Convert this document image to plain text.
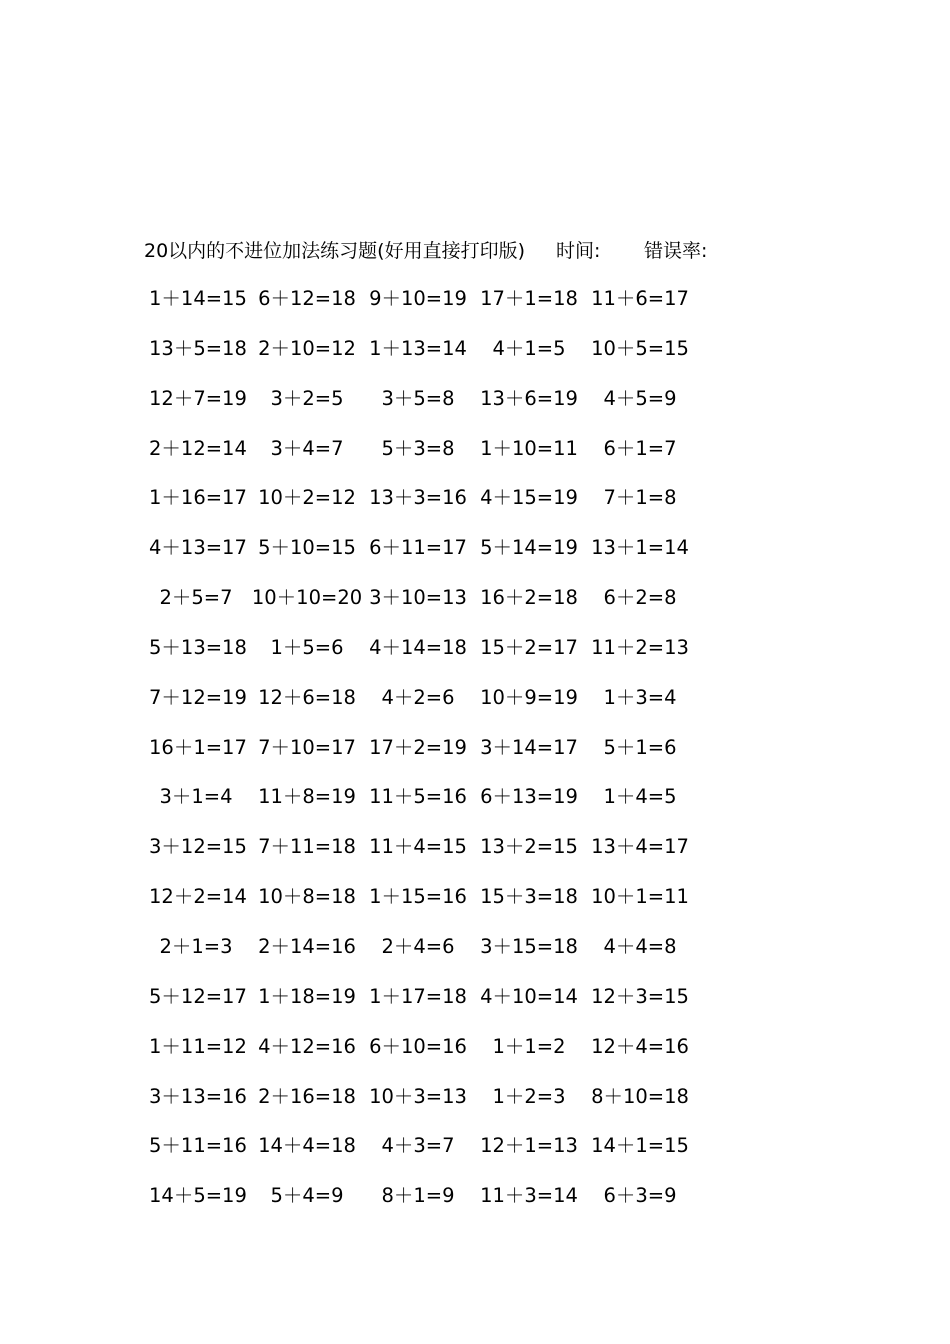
20以内的不进位加法练习题(好用直接打印版) 时间: 错误率:
1＋14=15 6＋12=18 9＋10=19 17＋1=18 11＋6=17
13＋5=18 2＋10=12 1＋13=14 4＋1=5 10＋5=15
12＋7=19 3＋2=5 3＋5=8 13＋6=19 4＋5=9
2＋12=14 3＋4=7 5＋3=8 1＋10=11 6＋1=7
1＋16=17 10＋2=12 13＋3=16 4＋15=19 7＋1=8
4＋13=17 5＋10=15 6＋11=17 5＋14=19 13＋1=14
2＋5=7 10＋10=20 3＋10=13 16＋2=18 6＋2=8
5＋13=18 1＋5=6 4＋14=18 15＋2=17 11＋2=13
7＋12=19 12＋6=18 4＋2=6 10＋9=19 1＋3=4
16＋1=17 7＋10=17 17＋2=19 3＋14=17 5＋1=6
3＋1=4 11＋8=19 11＋5=16 6＋13=19 1＋4=5
3＋12=15 7＋11=18 11＋4=15 13＋2=15 13＋4=17
12＋2=14 10＋8=18 1＋15=16 15＋3=18 10＋1=11
2＋1=3 2＋14=16 2＋4=6 3＋15=18 4＋4=8
5＋12=17 1＋18=19 1＋17=18 4＋10=14 12＋3=15
1＋11=12 4＋12=16 6＋10=16 1＋1=2 12＋4=16
3＋13=16 2＋16=18 10＋3=13 1＋2=3 8＋10=18
5＋11=16 14＋4=18 4＋3=7 12＋1=13 14＋1=15
14＋5=19 5＋4=9 8＋1=9 11＋3=14 6＋3=9
